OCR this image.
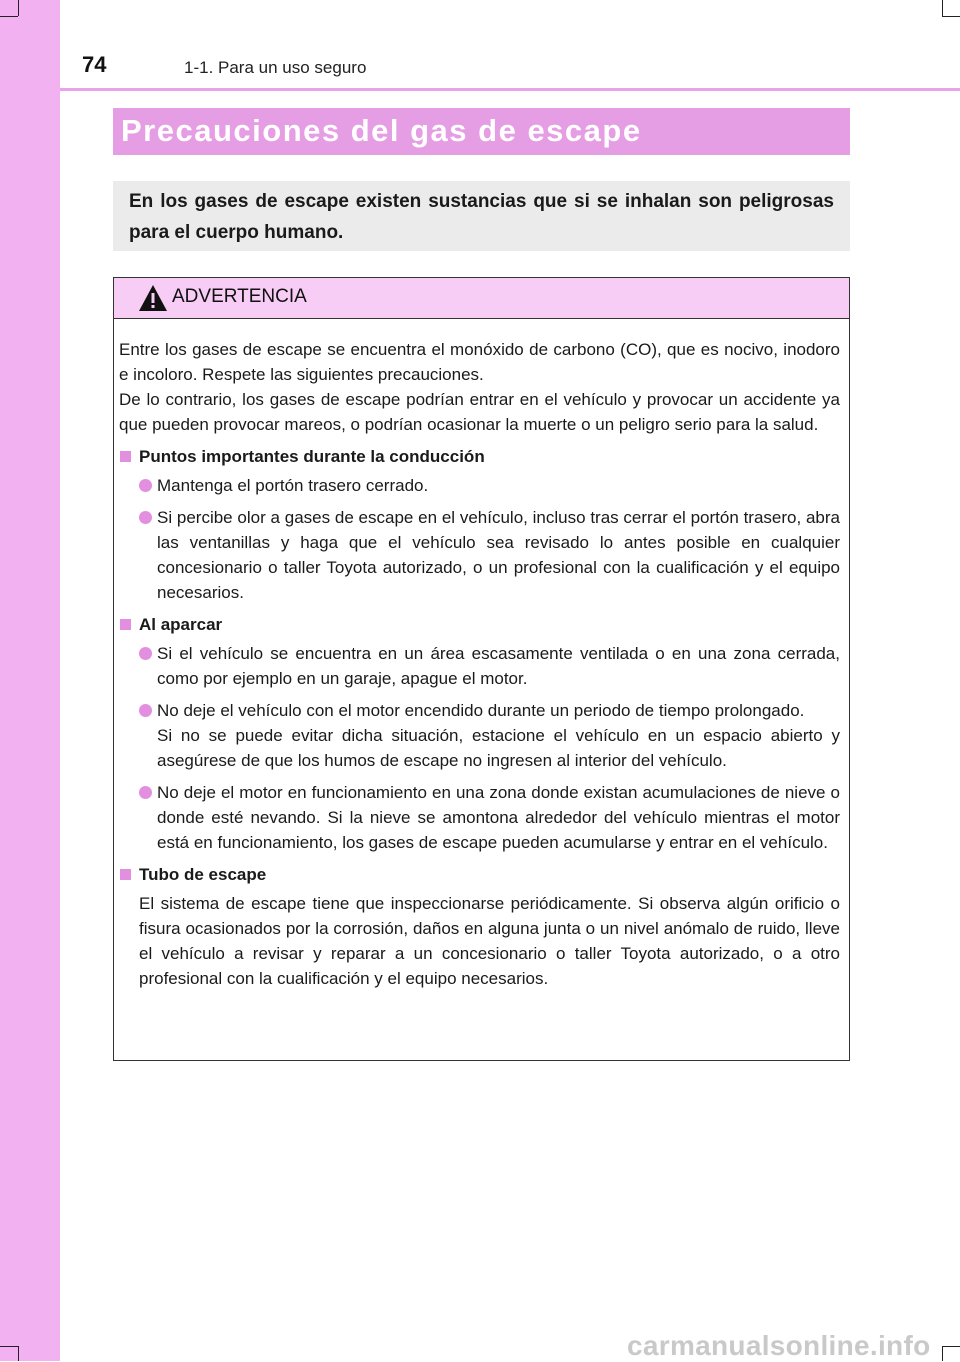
74	1-1. Para un uso seguro
Precauciones del gas de escape
En los gases de escape existen sustancias que si se inhalan son peligrosas para el cuerpo humano.
ADVERTENCIA

Entre los gases de escape se encuentra el monóxido de carbono (CO), que es nocivo, inodoro e incoloro. Respete las siguientes precauciones.

De lo contrario, los gases de escape podrían entrar en el vehículo y provocar un accidente ya que pueden provocar mareos, o podrían ocasionar la muerte o un peligro serio para la salud.

Puntos importantes durante la conducción
Mantenga el portón trasero cerrado.
Si percibe olor a gases de escape en el vehículo, incluso tras cerrar el portón trasero, abra las ventanillas y haga que el vehículo sea revisado lo antes posible en cualquier concesionario o taller Toyota autorizado, o un profesional con la cualificación y el equipo necesarios.
Al aparcar
Si el vehículo se encuentra en un área escasamente ventilada o en una zona cerrada, como por ejemplo en un garaje, apague el motor.
No deje el vehículo con el motor encendido durante un periodo de tiempo prolongado.
Si no se puede evitar dicha situación, estacione el vehículo en un espacio abierto y asegúrese de que los humos de escape no ingresen al interior del vehículo.
No deje el motor en funcionamiento en una zona donde existan acumulaciones de nieve o donde esté nevando. Si la nieve se amontona alrededor del vehículo mientras el motor está en funcionamiento, los gases de escape pueden acumularse y entrar en el vehículo.
Tubo de escape

El sistema de escape tiene que inspeccionarse periódicamente. Si observa algún orificio o fisura ocasionados por la corrosión, daños en alguna junta o un nivel anómalo de ruido, lleve el vehículo a revisar y reparar a un concesionario o taller Toyota autorizado, o a otro profesional con la cualificación y el equipo necesarios.

carmanualsonline.info
